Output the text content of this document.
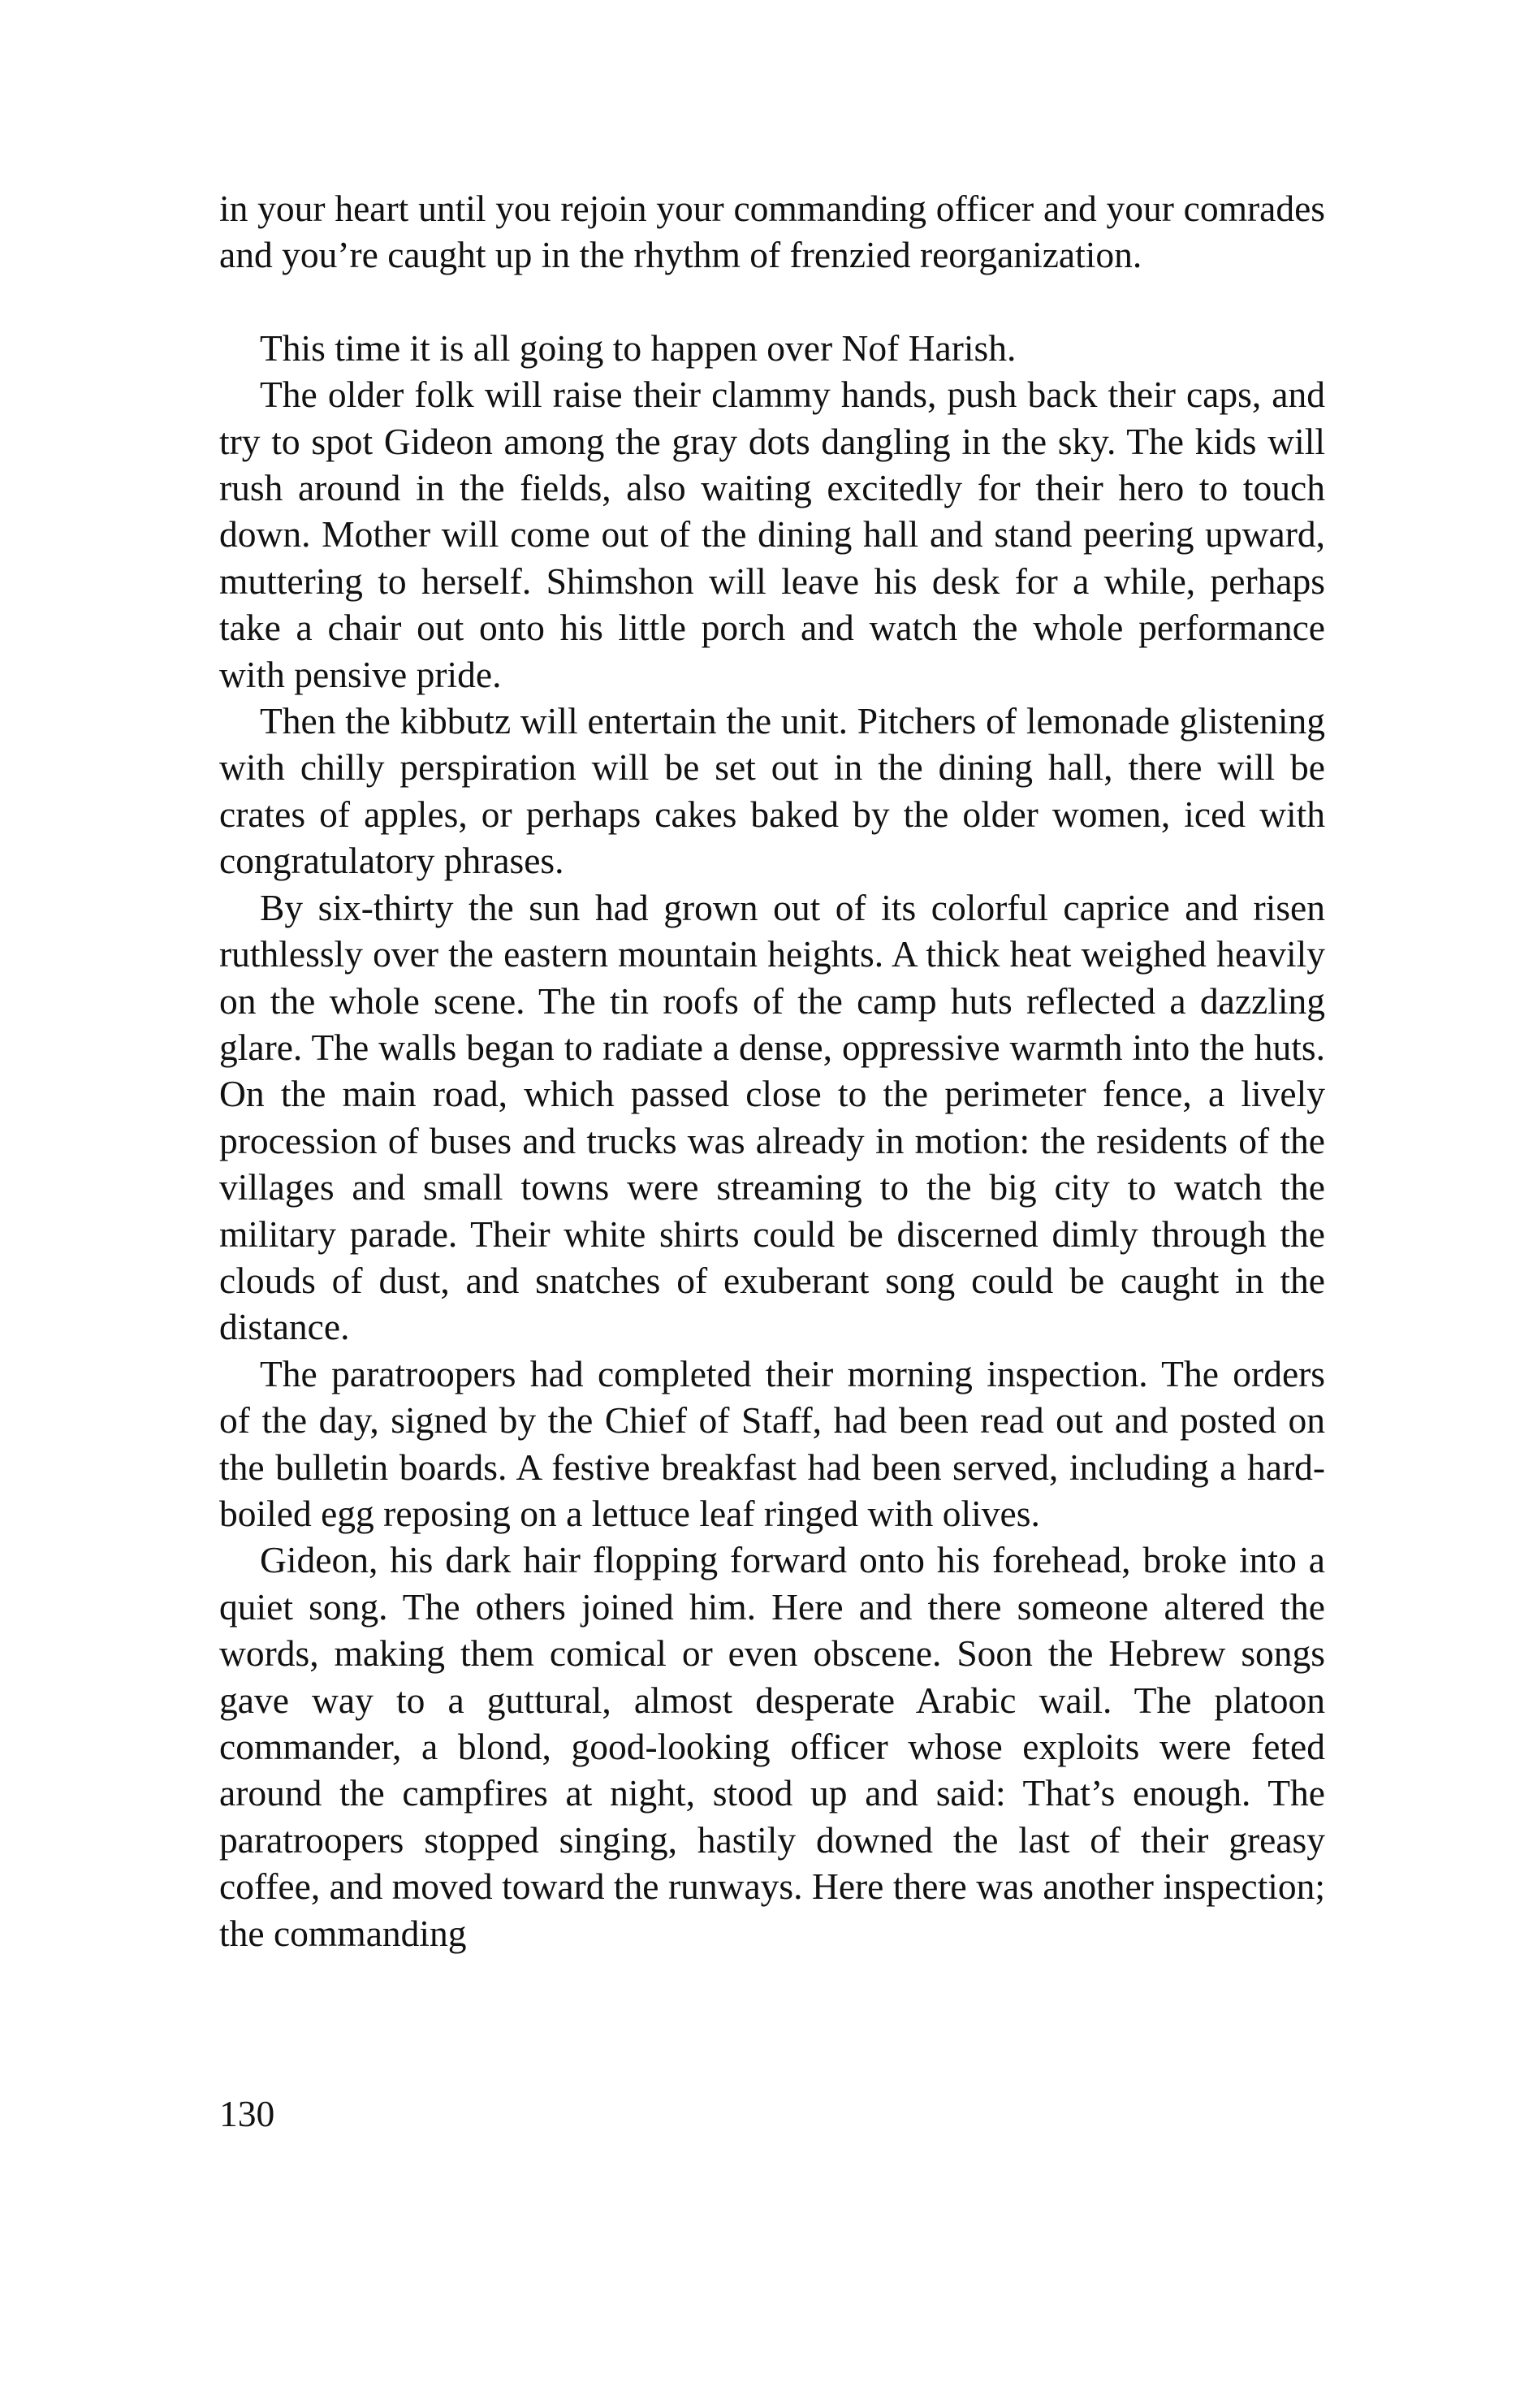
in your heart until you rejoin your commanding officer and your comrades and you’re caught up in the rhythm of frenzied reorganization.

This time it is all going to happen over Nof Harish.

The older folk will raise their clammy hands, push back their caps, and try to spot Gideon among the gray dots dangling in the sky. The kids will rush around in the fields, also waiting excitedly for their hero to touch down. Mother will come out of the dining hall and stand peering upward, muttering to herself. Shimshon will leave his desk for a while, perhaps take a chair out onto his little porch and watch the whole performance with pensive pride.

Then the kibbutz will entertain the unit. Pitchers of lemonade glistening with chilly perspiration will be set out in the dining hall, there will be crates of apples, or perhaps cakes baked by the older women, iced with congratulatory phrases.

By six-thirty the sun had grown out of its colorful caprice and risen ruthlessly over the eastern mountain heights. A thick heat weighed heavily on the whole scene. The tin roofs of the camp huts reflected a dazzling glare. The walls began to radiate a dense, oppressive warmth into the huts. On the main road, which passed close to the perimeter fence, a lively procession of buses and trucks was already in motion: the residents of the villages and small towns were streaming to the big city to watch the military parade. Their white shirts could be discerned dimly through the clouds of dust, and snatches of exuberant song could be caught in the distance.

The paratroopers had completed their morning inspection. The orders of the day, signed by the Chief of Staff, had been read out and posted on the bulletin boards. A festive breakfast had been served, including a hard-boiled egg reposing on a lettuce leaf ringed with olives.

Gideon, his dark hair flopping forward onto his forehead, broke into a quiet song. The others joined him. Here and there someone altered the words, making them comical or even obscene. Soon the Hebrew songs gave way to a guttural, almost desperate Arabic wail. The platoon commander, a blond, good-looking officer whose exploits were feted around the campfires at night, stood up and said: That’s enough. The paratroopers stopped singing, hastily downed the last of their greasy coffee, and moved toward the runways. Here there was another inspection; the commanding

130
